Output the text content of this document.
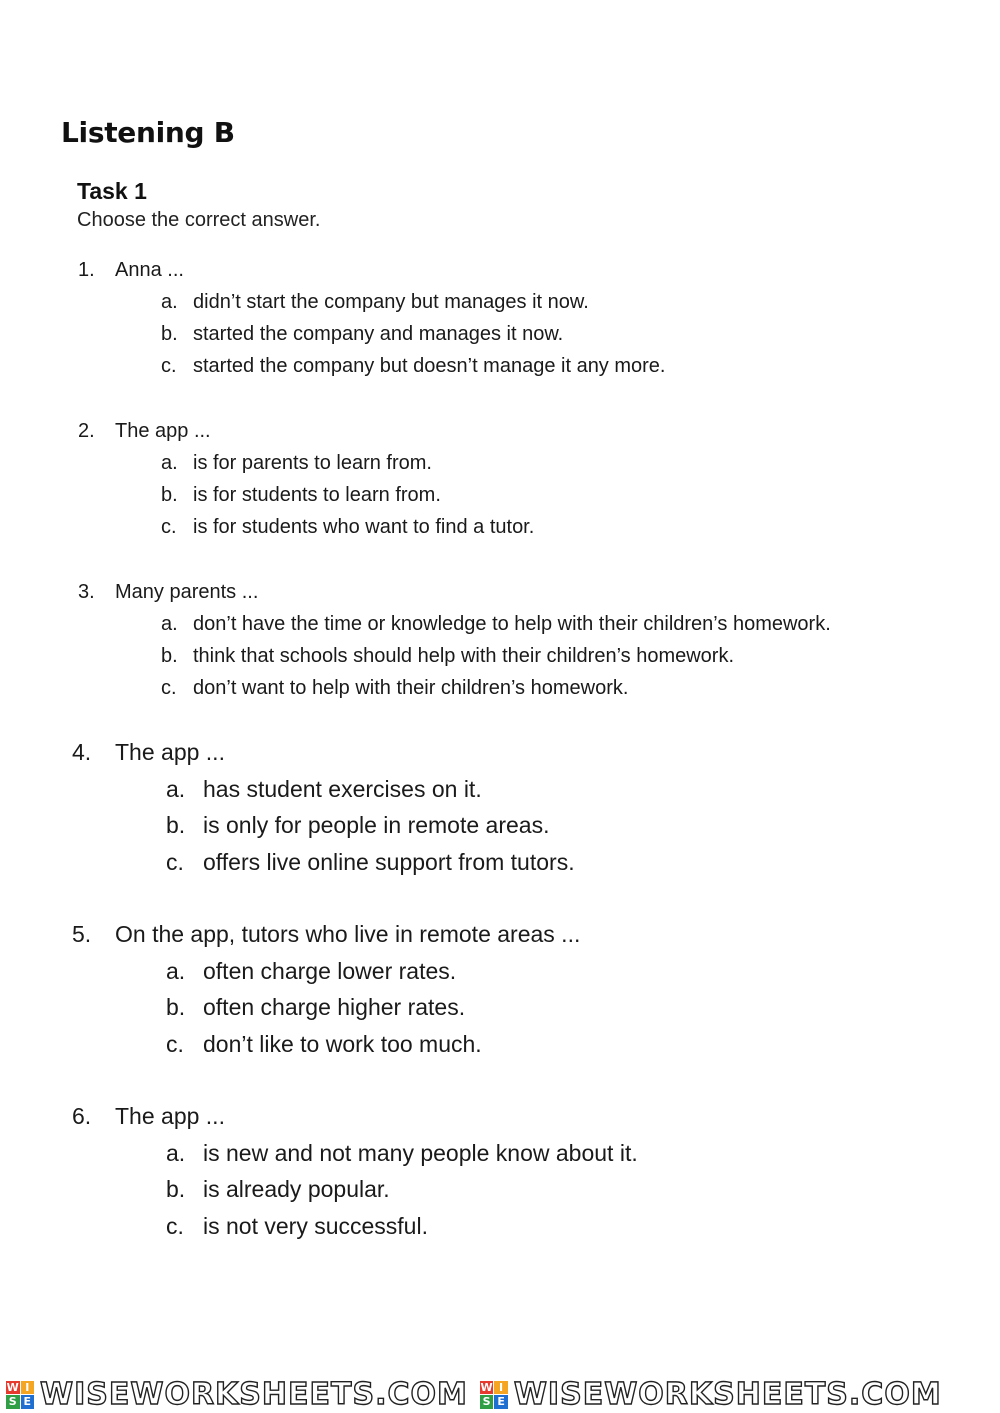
Listening B
Task 1
Choose the correct answer.
1. Anna ...
a. didn’t start the company but manages it now.
b. started the company and manages it now.
c. started the company but doesn’t manage it any more.
2. The app ...
a. is for parents to learn from.
b. is for students to learn from.
c. is for students who want to find a tutor.
3. Many parents ...
a. don’t have the time or knowledge to help with their children’s homework.
b. think that schools should help with their children’s homework.
c. don’t want to help with their children’s homework.
4. The app ...
a. has student exercises on it.
b. is only for people in remote areas.
c. offers live online support from tutors.
5. On the app, tutors who live in remote areas ...
a. often charge lower rates.
b. often charge higher rates.
c. don’t like to work too much.
6. The app ...
a. is new and not many people know about it.
b. is already popular.
c. is not very successful.
W I
S E WISEWORKSHEETS.COM W I
S E WISEWORKSHEETS.COM
